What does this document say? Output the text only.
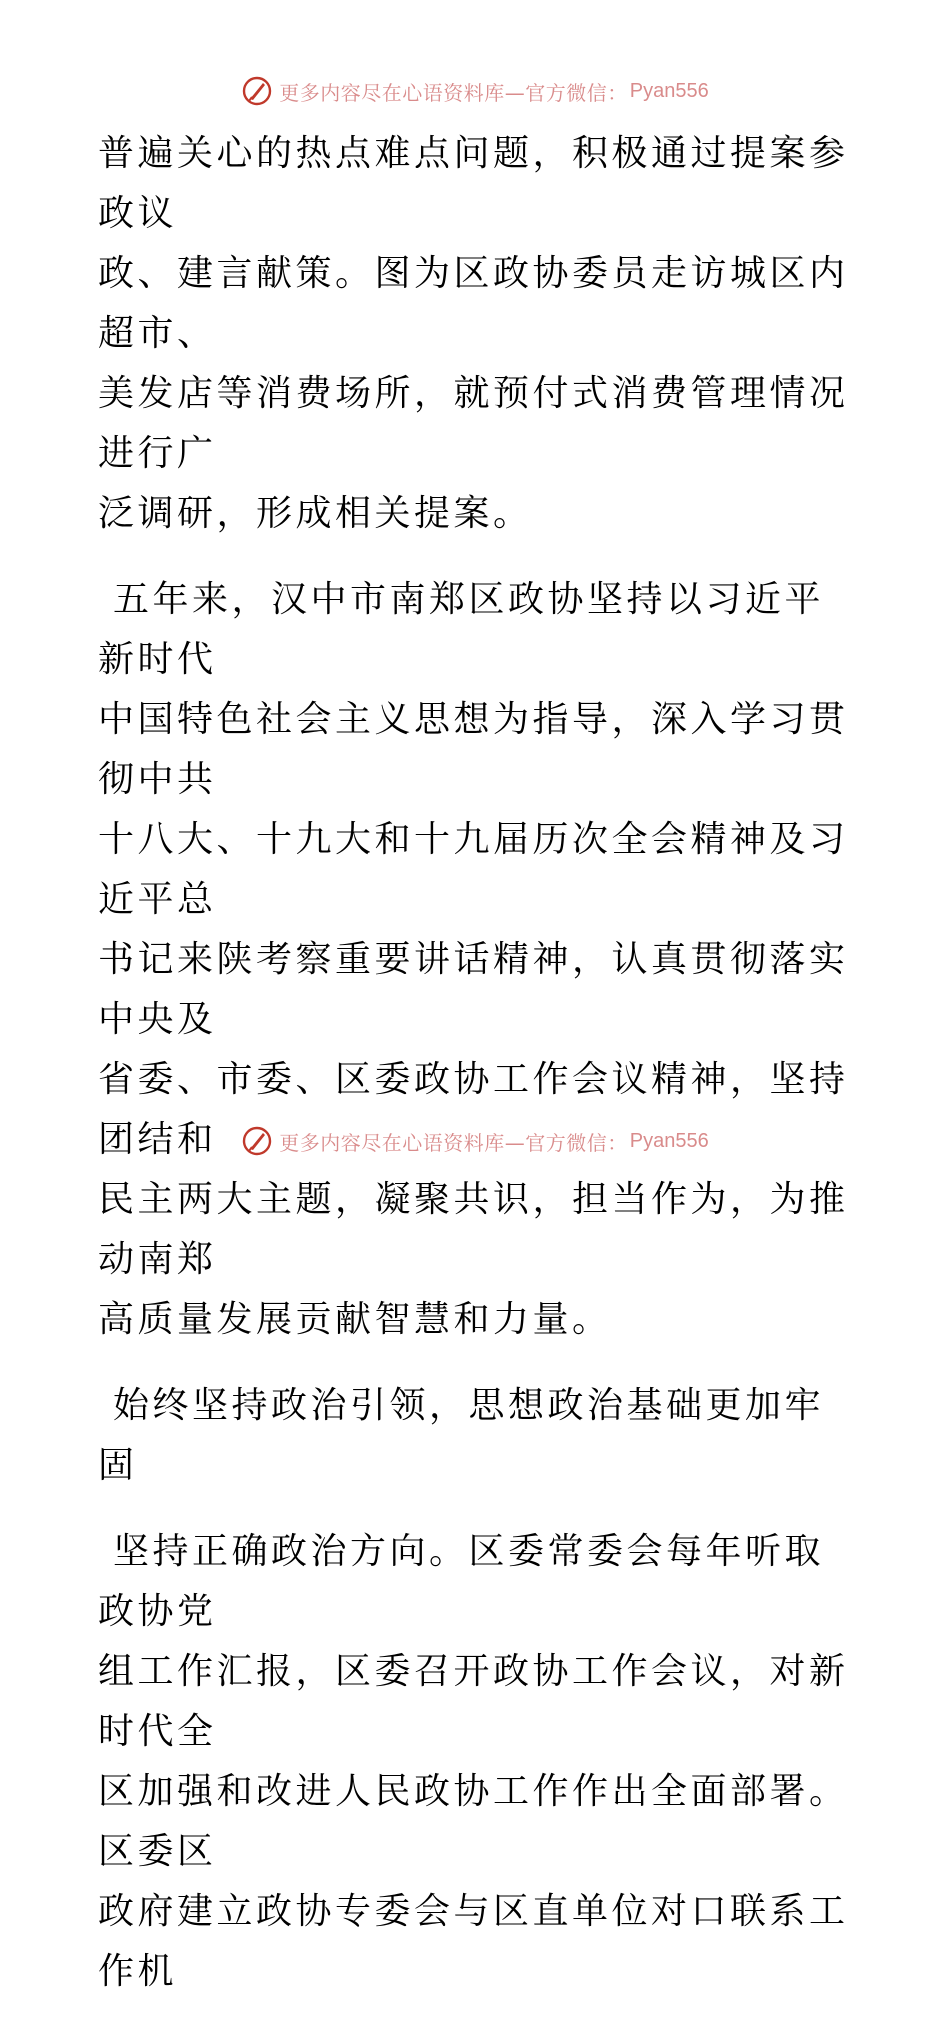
更多内容尽在心语资料库—官方微信： Pyan556

普遍关心的热点难点问题，积极通过提案参政议
政、建言献策。图为区政协委员走访城区内超市、
美发店等消费场所，就预付式消费管理情况进行广
泛调研，形成相关提案。

五年来，汉中市南郑区政协坚持以习近平新时代
中国特色社会主义思想为指导，深入学习贯彻中共
十八大、十九大和十九届历次全会精神及习近平总
书记来陕考察重要讲话精神，认真贯彻落实中央及
省委、市委、区委政协工作会议精神，坚持团结和
民主两大主题，凝聚共识，担当作为，为推动南郑
高质量发展贡献智慧和力量。

始终坚持政治引领，思想政治基础更加牢固

坚持正确政治方向。区委常委会每年听取政协党
组工作汇报，区委召开政协工作会议，对新时代全
区加强和改进人民政协工作作出全面部署。区委区
政府建立政协专委会与区直单位对口联系工作机

更多内容尽在心语资料库—官方微信： Pyan556
